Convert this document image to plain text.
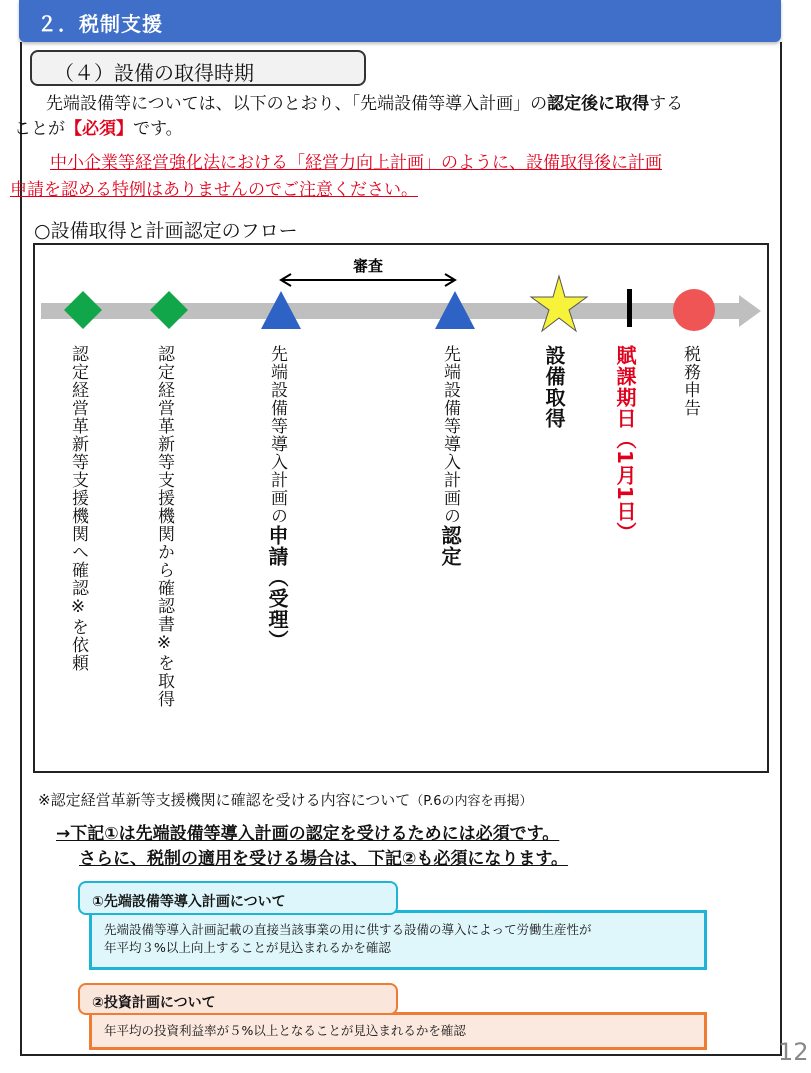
２．税制支援
（４）設備の取得時期
先端設備等については、以下のとおり、「先端設備等導入計画」の認定後に取得する
ことが【必須】です。
中小企業等経営強化法における「経営力向上計画」のように、設備取得後に計画
申請を認める特例はありませんのでご注意ください。
○設備取得と計画認定のフロー
審査
認定経営革新等支援機関へ確認※を依頼	認定経営革新等支援機関から確認書※を取得	先端設備等導入計画の申請（受理）
先端設備等導入計画の認定
設備取得 賦課期日（1月1日）	税務申告
※認定経営革新等支援機関に確認を受ける内容について（P.6の内容を再掲）
→下記①は先端設備等導入計画の認定を受けるためには必須です。
さらに、税制の適用を受ける場合は、下記②も必須になります。
先端設備等導入計画記載の直接当該事業の用に供する設備の導入によって労働生産性が
年平均３%以上向上することが見込まれるかを確認
①先端設備等導入計画について
年平均の投資利益率が５%以上となることが見込まれるかを確認
②投資計画について
12
